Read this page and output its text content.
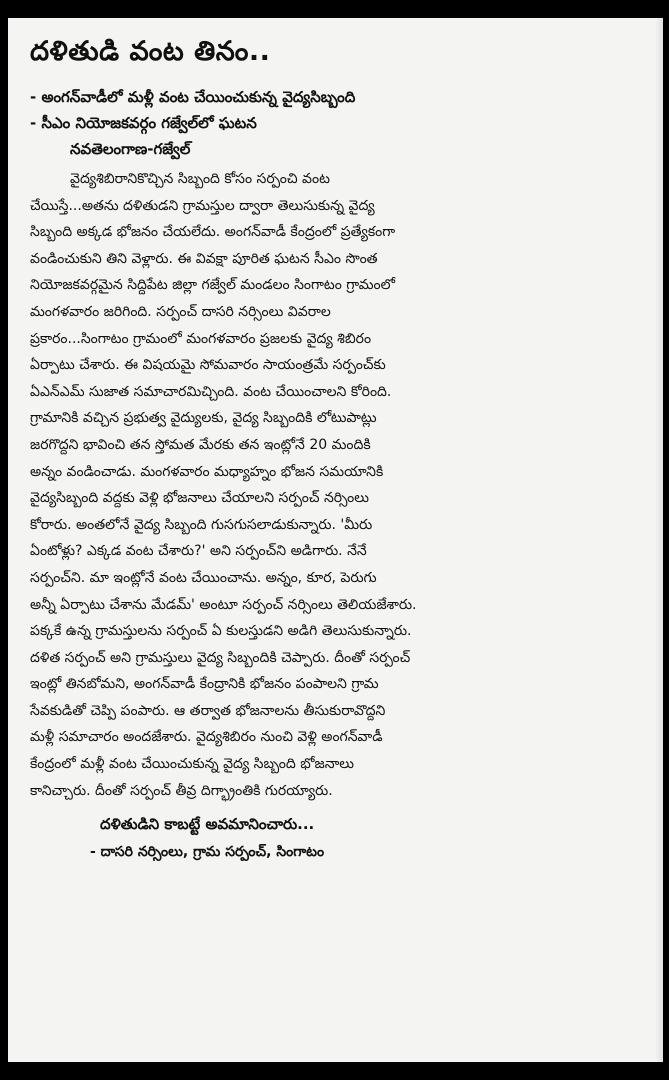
దళితుడి వంట తినం..
- అంగన్‌వాడీలో మళ్లీ వంట చేయించుకున్న వైద్యసిబ్బంది
- సీఎం నియోజకవర్గం గజ్వేల్‌లో ఘటన
నవతెలంగాణ-గజ్వేల్
వైద్యశిబిరానికొచ్చిన సిబ్బంది కోసం సర్పంచి వంట
చేయిస్తే...అతను దళితుడని గ్రామస్తుల ద్వారా తెలుసుకున్న వైద్య
సిబ్బంది అక్కడ భోజనం చేయలేదు. అంగన్‌వాడీ కేంద్రంలో ప్రత్యేకంగా
వండించుకుని తిని వెళ్లారు. ఈ వివక్షా పూరిత ఘటన సీఎం సొంత
నియోజకవర్గమైన సిద్దిపేట జిల్లా గజ్వేల్ మండలం సింగాటం గ్రామంలో
మంగళవారం జరిగింది. సర్పంచ్ దాసరి నర్సింలు వివరాల
ప్రకారం...సింగాటం గ్రామంలో మంగళవారం ప్రజలకు వైద్య శిబిరం
ఏర్పాటు చేశారు. ఈ విషయమై సోమవారం సాయంత్రమే సర్పంచ్‌కు
ఏఎన్ఎమ్ సుజాత సమాచారమిచ్చింది. వంట చేయించాలని కోరింది.
గ్రామానికి వచ్చిన ప్రభుత్వ వైద్యులకు, వైద్య సిబ్బందికి లోటుపాట్లు
జరగొద్దని భావించి తన స్తోమత మేరకు తన ఇంట్లోనే 20 మందికి
అన్నం వండించాడు. మంగళవారం మధ్యాహ్నం భోజన సమయానికి
వైద్యసిబ్బంది వద్దకు వెళ్లి భోజనాలు చేయాలని సర్పంచ్ నర్సింలు
కోరారు. అంతలోనే వైద్య సిబ్బంది గుసగుసలాడుకున్నారు. 'మీరు
ఏంటోళ్లు? ఎక్కడ వంట చేశారు?' అని సర్పంచ్‌ని అడిగారు. నేనే
సర్పంచ్‌ని. మా ఇంట్లోనే వంట చేయించాను. అన్నం, కూర, పెరుగు
అన్నీ ఏర్పాటు చేశాను మేడమ్' అంటూ సర్పంచ్ నర్సింలు తెలియజేశారు.
పక్కకే ఉన్న గ్రామస్తులను సర్పంచ్ ఏ కులస్తుడని అడిగి తెలుసుకున్నారు.
దళిత సర్పంచ్ అని గ్రామస్తులు వైద్య సిబ్బందికి చెప్పారు. దీంతో సర్పంచ్
ఇంట్లో తినబోమని, అంగన్‌వాడీ కేంద్రానికి భోజనం పంపాలని గ్రామ
సేవకుడితో చెప్పి పంపారు. ఆ తర్వాత భోజనాలను తీసుకురావొద్దని
మళ్లీ సమాచారం అందజేశారు. వైద్యశిబిరం నుంచి వెళ్లి అంగన్‌వాడీ
కేంద్రంలో మళ్లీ వంట చేయించుకున్న వైద్య సిబ్బంది భోజనాలు
కానిచ్చారు. దీంతో సర్పంచ్ తీవ్ర దిగ్భ్రాంతికి గురయ్యారు.
దళితుడిని కాబట్టే అవమానించారు...
- దాసరి నర్సింలు, గ్రామ సర్పంచ్, సింగాటం
